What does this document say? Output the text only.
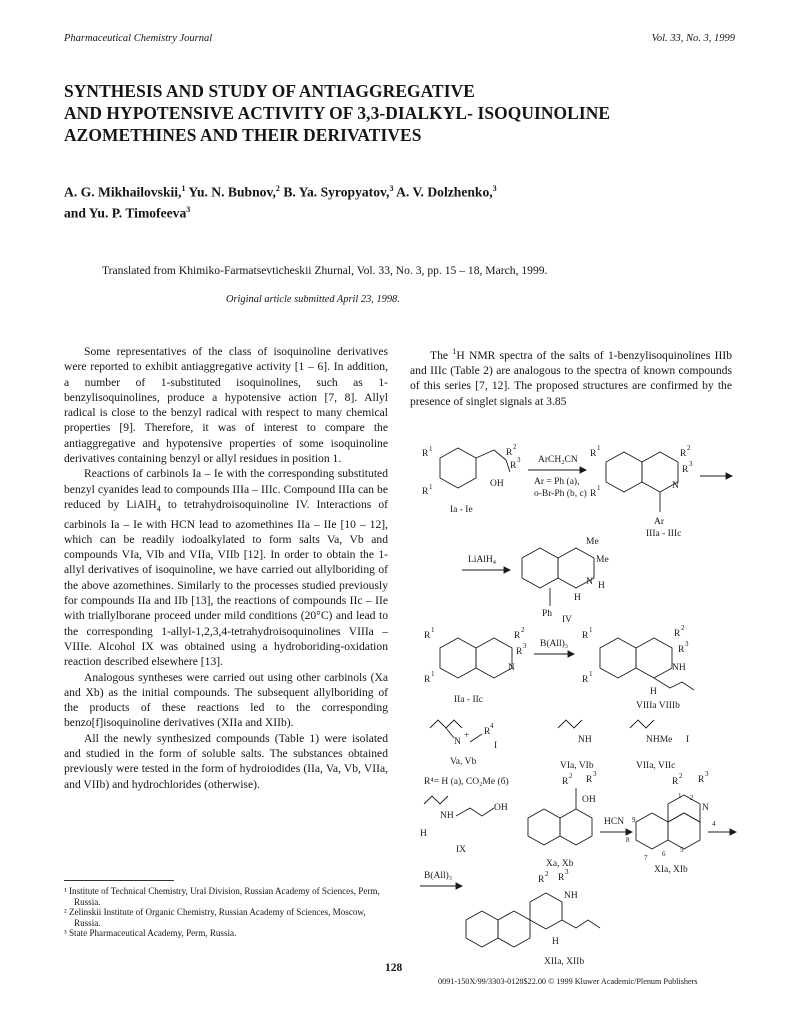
Pharmaceutical Chemistry Journal	Vol. 33, No. 3, 1999
SYNTHESIS AND STUDY OF ANTIAGGREGATIVE
AND HYPOTENSIVE ACTIVITY OF 3,3-DIALKYL- ISOQUINOLINE
AZOMETHINES AND THEIR DERIVATIVES
A. G. Mikhailovskii,$^1$ Yu. N. Bubnov,$^2$ B. Ya. Syropyatov,$^3$ A. V. Dolzhenko,$^3$
and Yu. P. Timofeeva$^3$
Translated from Khimiko-Farmatsevticheskii Zhurnal, Vol. 33, No. 3, pp. 15 – 18, March, 1999.
Original article submitted April 23, 1998.

Some representatives of the class of isoquinoline derivatives were reported to exhibit antiaggregative activity [1 – 6]. In addition, a number of 1-substituted isoquinolines, such as 1-benzylisoquinolines, produce a hypotensive action [7, 8]. Allyl radical is close to the benzyl radical with respect to many chemical properties [9]. Therefore, it was of interest to compare the antiaggregative and hypotensive properties of some isoquinoline derivatives containing benzyl or allyl residues in position 1.

Reactions of carbinols Ia – Ie with the corresponding substituted benzyl cyanides lead to compounds IIIa – IIIc. Compound IIIa can be reduced by LiAlH$_4$ to tetrahydroisoquinoline IV. Interactions of carbinols Ia – Ie with HCN lead to azomethines IIa – IIe [10 – 12], which can be readily iodoalkylated to form salts Va, Vb and compounds VIa, VIb and VIIa, VIIb [12]. In order to obtain the 1-allyl derivatives of isoquinoline, we have carried out allylboriding of the above azomethines. Similarly to the processes studied previously for compounds IIa and IIb [13], the reactions of compounds IIc – IIe with triallylborane proceed under mild conditions (20°C) and lead to the corresponding 1-allyl-1,2,3,4-tetrahydroisoquinolines VIIIa – VIIIe. Alcohol IX was obtained using a hydroboriding-oxidation reaction described elsewhere [13].

Analogous syntheses were carried out using other carbinols (Xa and Xb) as the initial compounds. The subsequent allylboriding of the products of these reactions led to the corresponding benzo[f]isoquinoline derivatives (XIIa and XIIb).

All the newly synthesized compounds (Table 1) were isolated and studied in the form of soluble salts. The substances obtained previously were tested in the form of hydroiodides (IIa, Va, Vb, VIIa, and VIIb) and hydrochlorides (otherwise).

The $^1$H NMR spectra of the salts of 1-benzylisoquinolines IIIb and IIIc (Table 2) are analogous to the spectra of known compounds of this series [7, 12]. The proposed structures are confirmed by the presence of singlet signals at 3.85

R 1
R 1
R
2
R
3
OH
Ia - Ie
ArCH₂CN
Ar = Ph (a),
o-Br-Ph (b, c)
R
1
R
1
R
2
R
3
N
Ar
IIIa - IIIc
LiAlH₄
Me
Me
N H
H
Ph
IV
R
1
R
1
R
2
R
3
N
IIa - IIc
B(All)₃
R
1
R
1
R
2
R
3
NH
H
VIIIa VIIIb
N
+ R
4
I
Va, Vb
R⁴= H (a), CO₂Me (б)
NH
VIa, VIb
NHMe I
VIIa, VIIc
NH
OH
H
IX
R
2 R
3
OH
Xa, Xb
HCN
R
2 R
3
1 2
N
4
9
8
7 6 5
XIa, XIb
B(All)₃	R
2 R
3
NH
H
XIIa, XIIb
¹ Institute of Technical Chemistry, Ural Division, Russian Academy of Sciences, Perm, Russia.
² Zelinskii Institute of Organic Chemistry, Russian Academy of Sciences, Moscow, Russia.
³ State Pharmaceutical Academy, Perm, Russia.
128
0091-150X/99/3303-0128$22.00 © 1999 Kluwer Academic/Plenum Publishers
